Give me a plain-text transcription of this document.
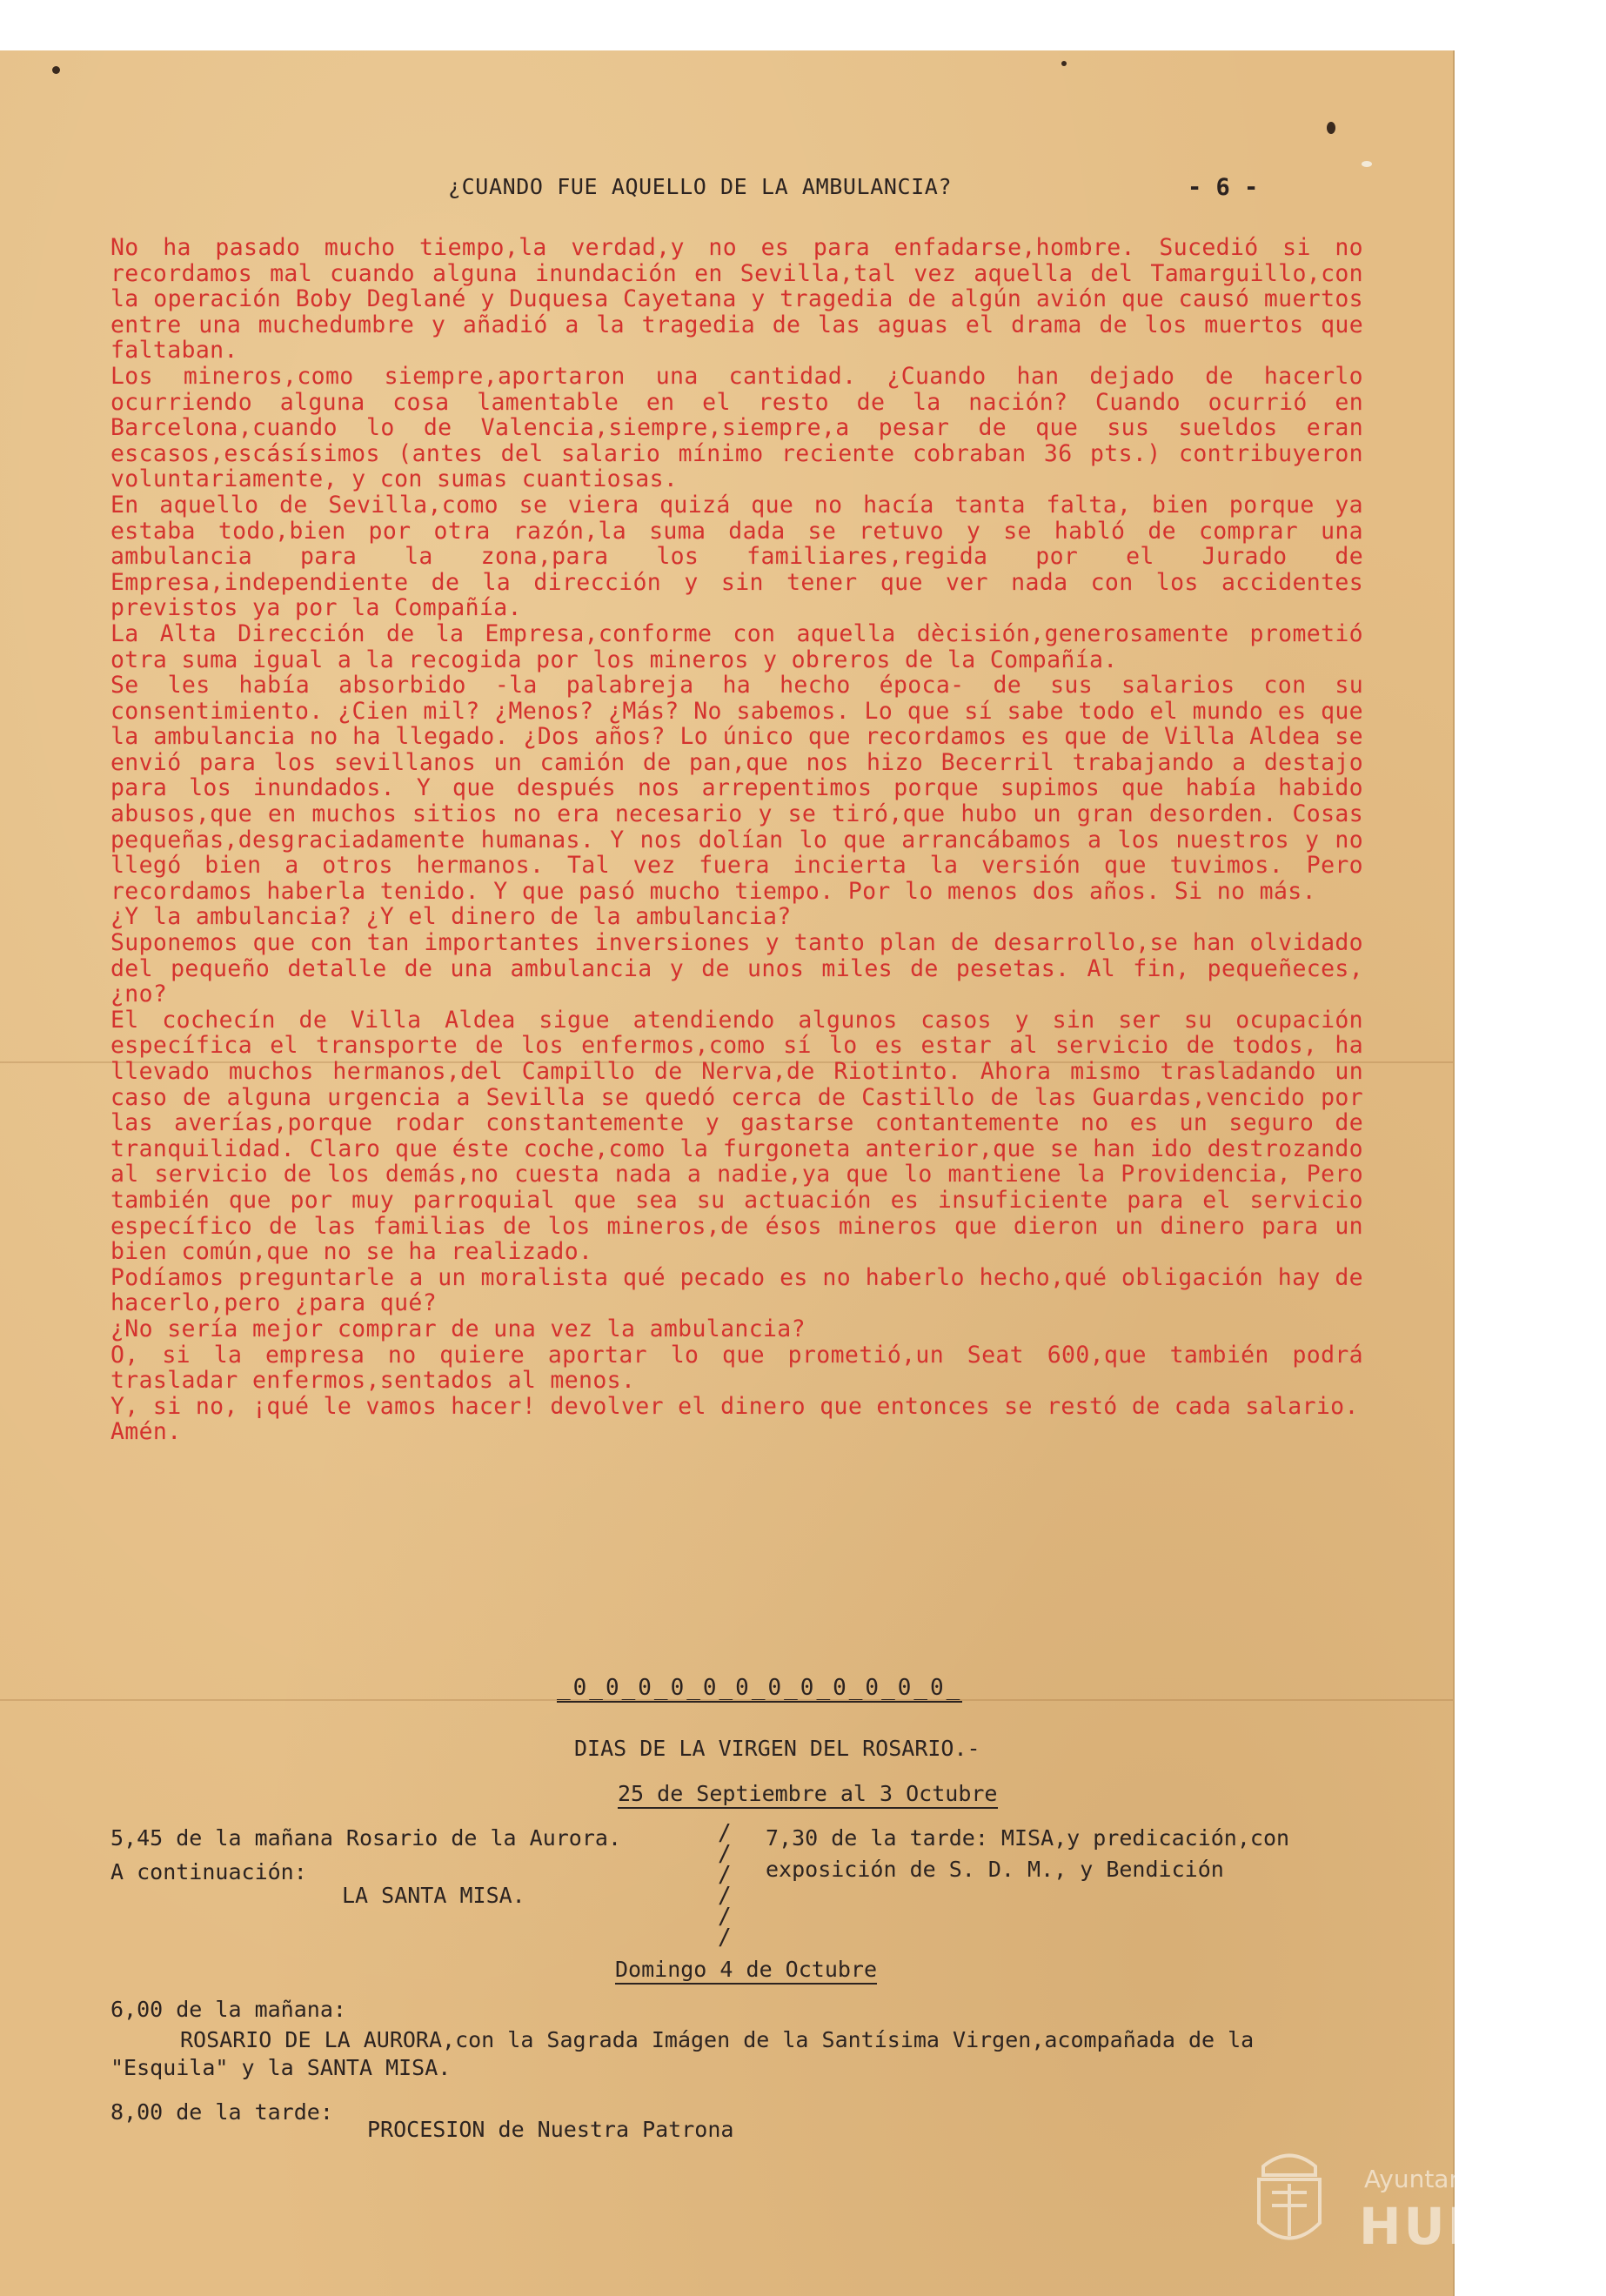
¿CUANDO FUE AQUELLO DE LA AMBULANCIA?	- 6 -

No ha pasado mucho tiempo,la verdad,y no es para enfadarse,hombre. Sucedió si no recordamos mal cuando alguna inundación en Sevilla,tal vez aquella del Tamarguillo,con la operación Boby Deglané y Duquesa Cayetana y tragedia de algún avión que causó muertos entre una muchedumbre y añadió a la tragedia de las aguas el drama de los muertos que faltaban.

Los mineros,como siempre,aportaron una cantidad. ¿Cuando han dejado de hacerlo ocurriendo alguna cosa lamentable en el resto de la nación? Cuando ocurrió en Barcelona,cuando lo de Valencia,siempre,siempre,a pesar de que sus sueldos eran escasos,escásísimos (antes del salario mínimo reciente cobraban 36 pts.) contribuyeron voluntariamente, y con sumas cuantiosas.

En aquello de Sevilla,como se viera quizá que no hacía tanta falta, bien porque ya estaba todo,bien por otra razón,la suma dada se retuvo y se habló de comprar una ambulancia para la zona,para los familiares,regida por el Jurado de Empresa,independiente de la dirección y sin tener que ver nada con los accidentes previstos ya por la Compañía.

La Alta Dirección de la Empresa,conforme con aquella dècisión,generosamente prometió otra suma igual a la recogida por los mineros y obreros de la Compañía.

Se les había absorbido -la palabreja ha hecho época- de sus salarios con su consentimiento. ¿Cien mil? ¿Menos? ¿Más? No sabemos. Lo que sí sabe todo el mundo es que la ambulancia no ha llegado. ¿Dos años? Lo único que recordamos es que de Villa Aldea se envió para los sevillanos un camión de pan,que nos hizo Becerril trabajando a destajo para los inundados. Y que después nos arrepentimos porque supimos que había habido abusos,que en muchos sitios no era necesario y se tiró,que hubo un gran desorden. Cosas pequeñas,desgraciadamente humanas. Y nos dolían lo que arrancábamos a los nuestros y no llegó bien a otros hermanos. Tal vez fuera incierta la versión que tuvimos. Pero recordamos haberla tenido. Y que pasó mucho tiempo. Por lo menos dos años. Si no más.

¿Y la ambulancia? ¿Y el dinero de la ambulancia?

Suponemos que con tan importantes inversiones y tanto plan de desarrollo,se han olvidado del pequeño detalle de una ambulancia y de unos miles de pesetas. Al fin, pequeñeces, ¿no?

El cochecín de Villa Aldea sigue atendiendo algunos casos y sin ser su ocupación específica el transporte de los enfermos,como sí lo es estar al servicio de todos, ha llevado muchos hermanos,del Campillo de Nerva,de Riotinto. Ahora mismo trasladando un caso de alguna urgencia a Sevilla se quedó cerca de Castillo de las Guardas,vencido por las averías,porque rodar constantemente y gastarse contantemente no es un seguro de tranquilidad. Claro que éste coche,como la furgoneta anterior,que se han ido destrozando al servicio de los demás,no cuesta nada a nadie,ya que lo mantiene la Providencia, Pero también que por muy parroquial que sea su actuación es insuficiente para el servicio específico de las familias de los mineros,de ésos mineros que dieron un dinero para un bien común,que no se ha realizado.

Podíamos preguntarle a un moralista qué pecado es no haberlo hecho,qué obligación hay de hacerlo,pero ¿para qué?

¿No sería mejor comprar de una vez la ambulancia?

O, si la empresa no quiere aportar lo que prometió,un Seat 600,que también podrá trasladar enfermos,sentados al menos.

Y, si no, ¡qué le vamos hacer! devolver el dinero que entonces se restó de cada salario.

Amén.

_0_0_0_0_0_0_0_0_0_0_0_0_
DIAS DE LA VIRGEN DEL ROSARIO.-
25 de Septiembre al 3 Octubre
5,45 de la mañana Rosario de la Aurora.
A continuación:
LA SANTA MISA.
/
/
/
/
/
/
7,30 de la tarde: MISA,y predicación,con
exposición de S. D. M., y Bendición
Domingo 4 de Octubre
6,00 de la mañana:
ROSARIO DE LA AURORA,con la Sagrada Imágen de la Santísima Virgen,acompañada de la
"Esquila" y la SANTA MISA.
8,00 de la tarde:
PROCESION de Nuestra Patrona
Ayuntamiento de
HUELVA
